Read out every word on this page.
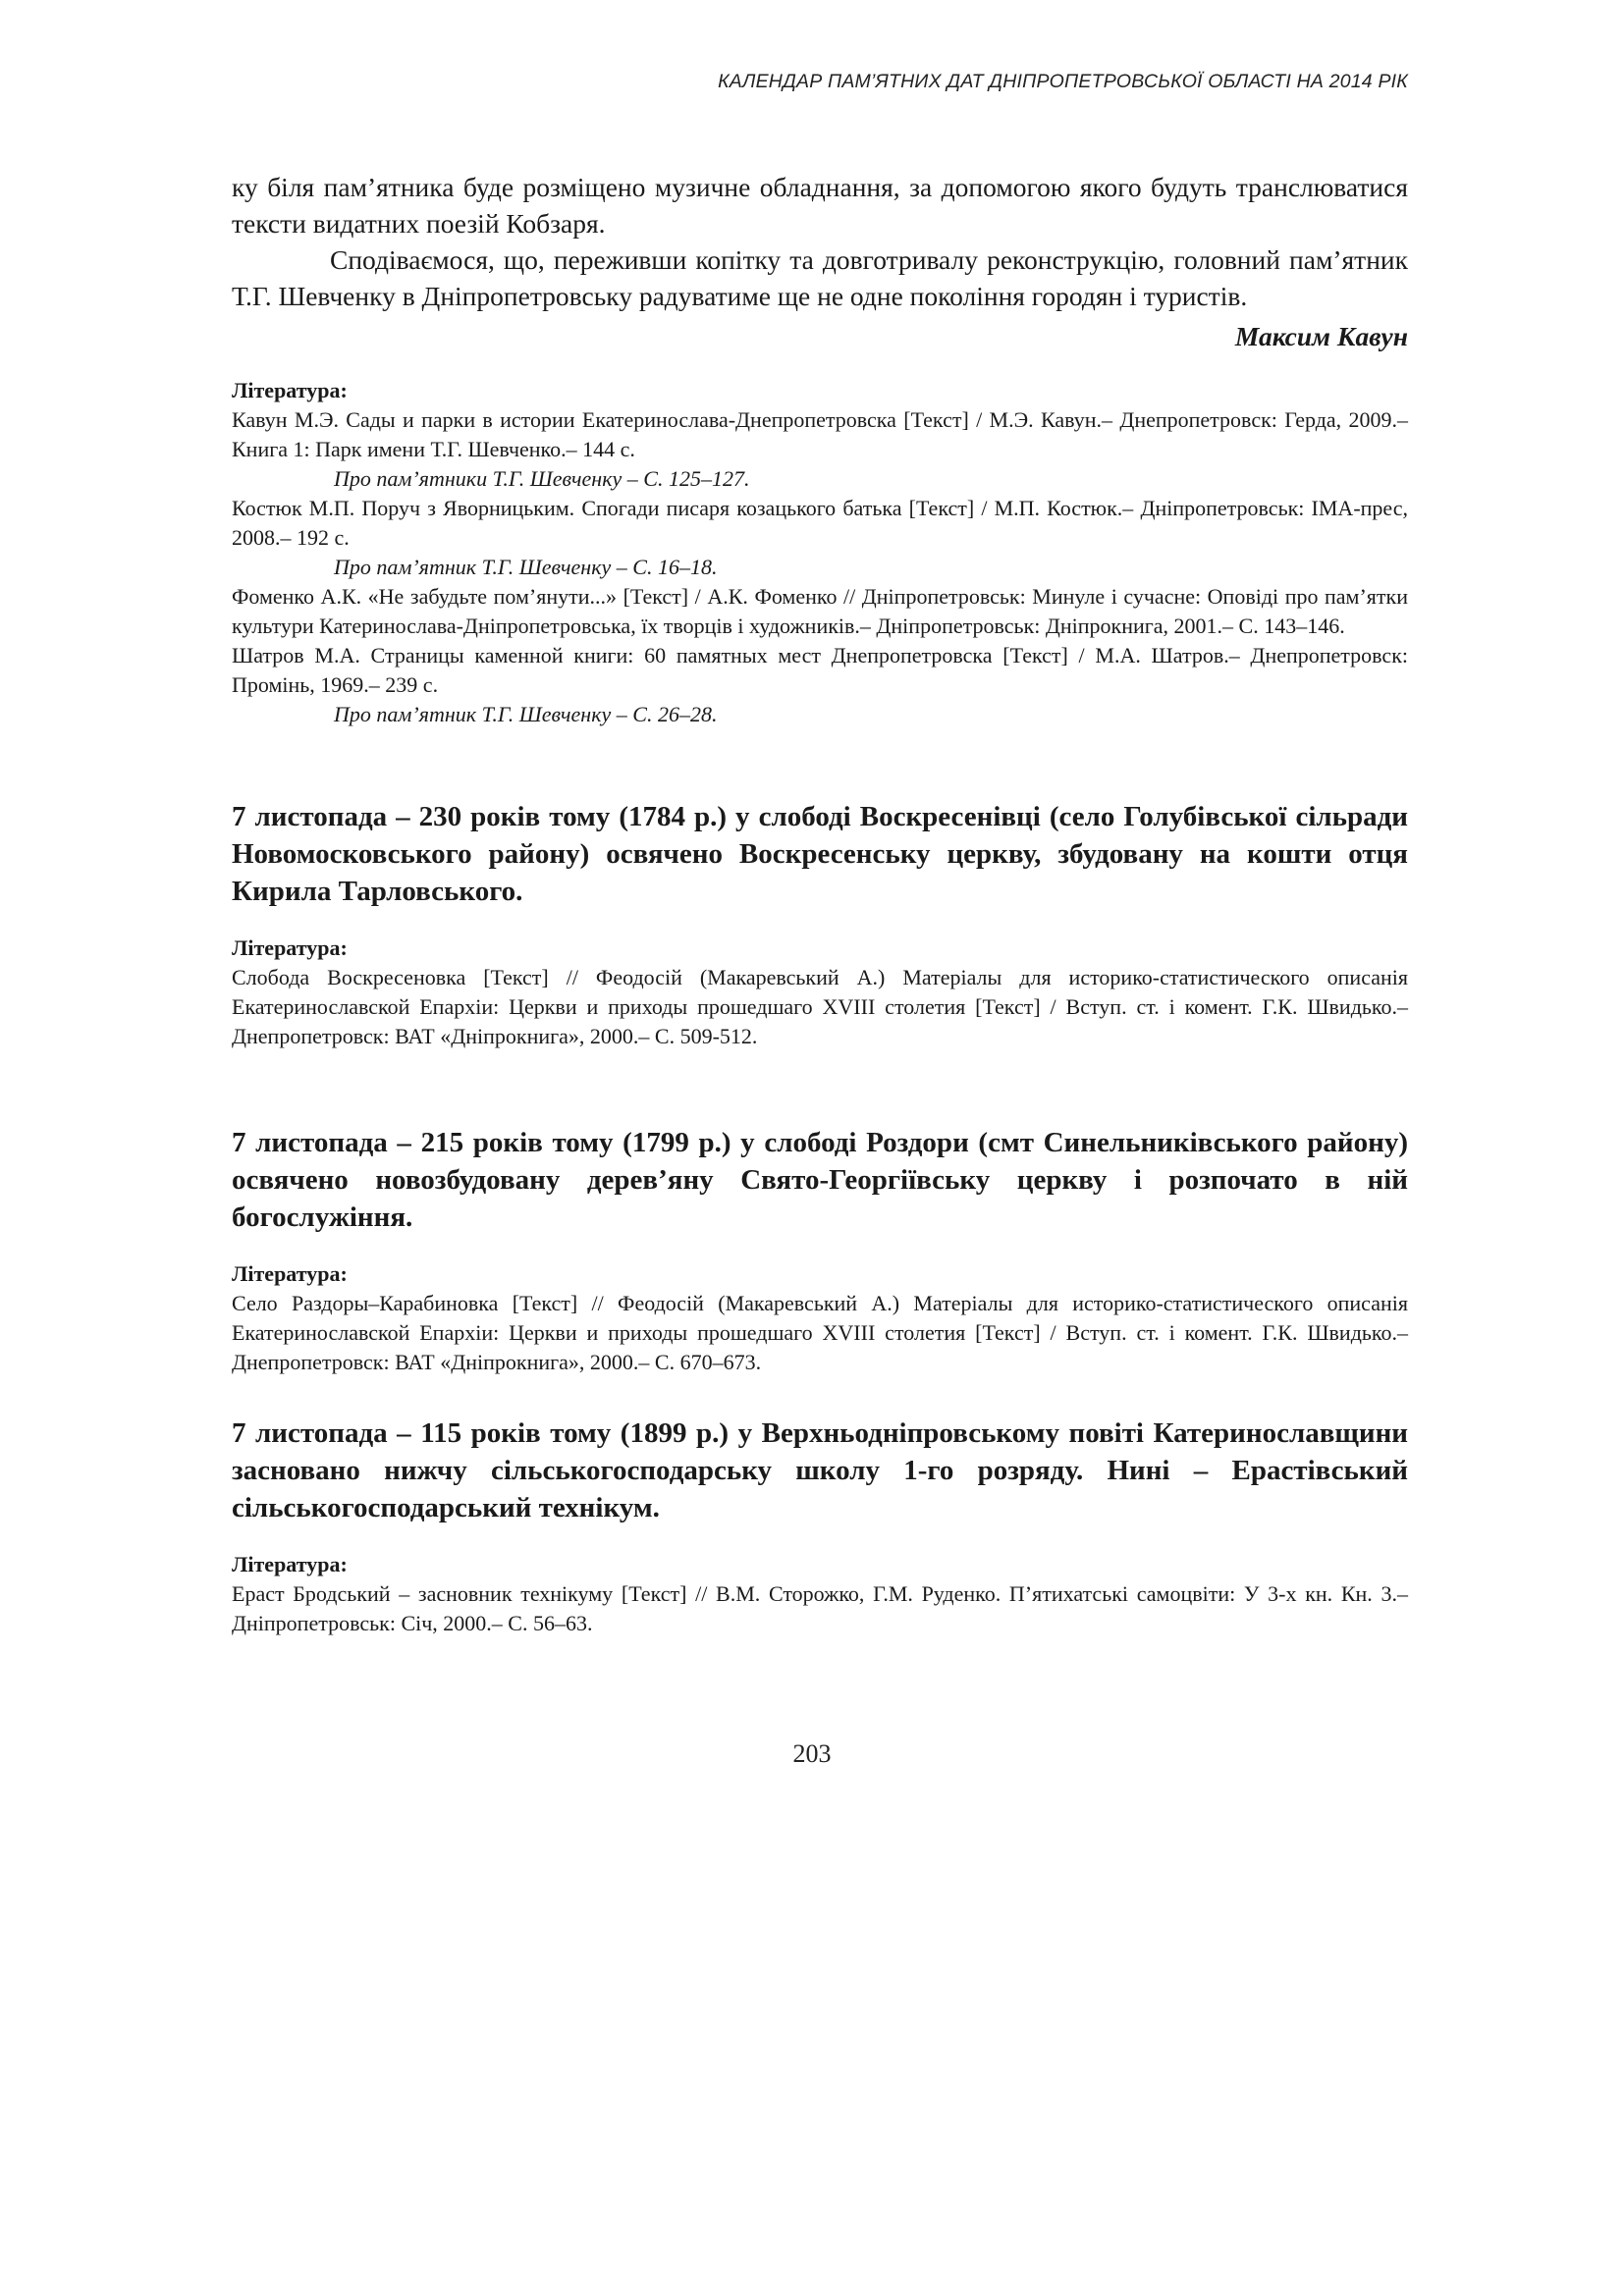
КАЛЕНДАР ПАМ’ЯТНИХ ДАТ ДНІПРОПЕТРОВСЬКОЇ ОБЛАСТІ НА 2014 РІК

ку біля пам’ятника буде розміщено музичне обладнання, за допомогою якого будуть транслюватися тексти видатних поезій Кобзаря.

Сподіваємося, що, переживши копітку та довготривалу реконструкцію, головний пам’ятник Т.Г. Шевченку в Дніпропетровську радуватиме ще не одне покоління городян і туристів.

Максим Кавун

Література:

Кавун М.Э. Сады и парки в истории Екатеринослава-Днепропетровска [Текст] / М.Э. Кавун.– Днепропетровск: Герда, 2009.– Книга 1: Парк имени Т.Г. Шевченко.– 144 с.

Про пам’ятники Т.Г. Шевченку – С. 125–127.

Костюк М.П. Поруч з Яворницьким. Спогади писаря козацького батька [Текст] / М.П. Костюк.– Дніпропетровськ: ІМА-прес, 2008.– 192 с.

Про пам’ятник Т.Г. Шевченку – С. 16–18.

Фоменко А.К. «Не забудьте пом’янути...» [Текст] / А.К. Фоменко // Дніпропетровськ: Минуле і сучасне: Оповіді про пам’ятки культури Катеринослава-Дніпропетровська, їх творців і художників.– Дніпропетровськ: Дніпрокнига, 2001.– С. 143–146.

Шатров М.А. Страницы каменной книги: 60 памятных мест Днепропетровска [Текст] / М.А. Шатров.– Днепропетровск: Промінь, 1969.– 239 с.

Про пам’ятник Т.Г. Шевченку – С. 26–28.

7 листопада – 230 років тому (1784 р.) у слободі Воскресенівці (село Голубівської сільради Новомосковського району) освячено Воскресенську церкву, збудовану на кошти отця Кирила Тарловського.

Література:

Слобода Воскресеновка [Текст] // Феодосій (Макаревський А.) Матеріалы для историко-статистического описанія Екатеринославской Епархіи: Церкви и приходы прошедшаго XVIII столетия [Текст] / Вступ. ст. і комент. Г.К. Швидько.– Днепропетровск: ВАТ «Дніпрокнига», 2000.– С. 509-512.

7 листопада – 215 років тому (1799 р.) у слободі Роздори (смт Синельниківського району) освячено новозбудовану дерев’яну Свято-Георгіївську церкву і розпочато в ній богослужіння.

Література:

Село Раздоры–Карабиновка [Текст] // Феодосій (Макаревський А.) Матеріалы для историко-статистического описанія Екатеринославской Епархіи: Церкви и приходы прошедшаго XVIII столетия [Текст] / Вступ. ст. і комент. Г.К. Швидько.– Днепропетровск: ВАТ «Дніпрокнига», 2000.– С. 670–673.

7 листопада – 115 років тому (1899 р.) у Верхньодніпровському повіті Катеринославщини засновано нижчу сільськогосподарську школу 1-го розряду. Нині – Ерастівський сільськогосподарський технікум.

Література:

Ераст Бродський – засновник технікуму [Текст] // В.М. Сторожко, Г.М. Руденко. П’ятихатські самоцвіти: У 3-х кн. Кн. 3.– Дніпропетровськ: Січ, 2000.– С. 56–63.

203
